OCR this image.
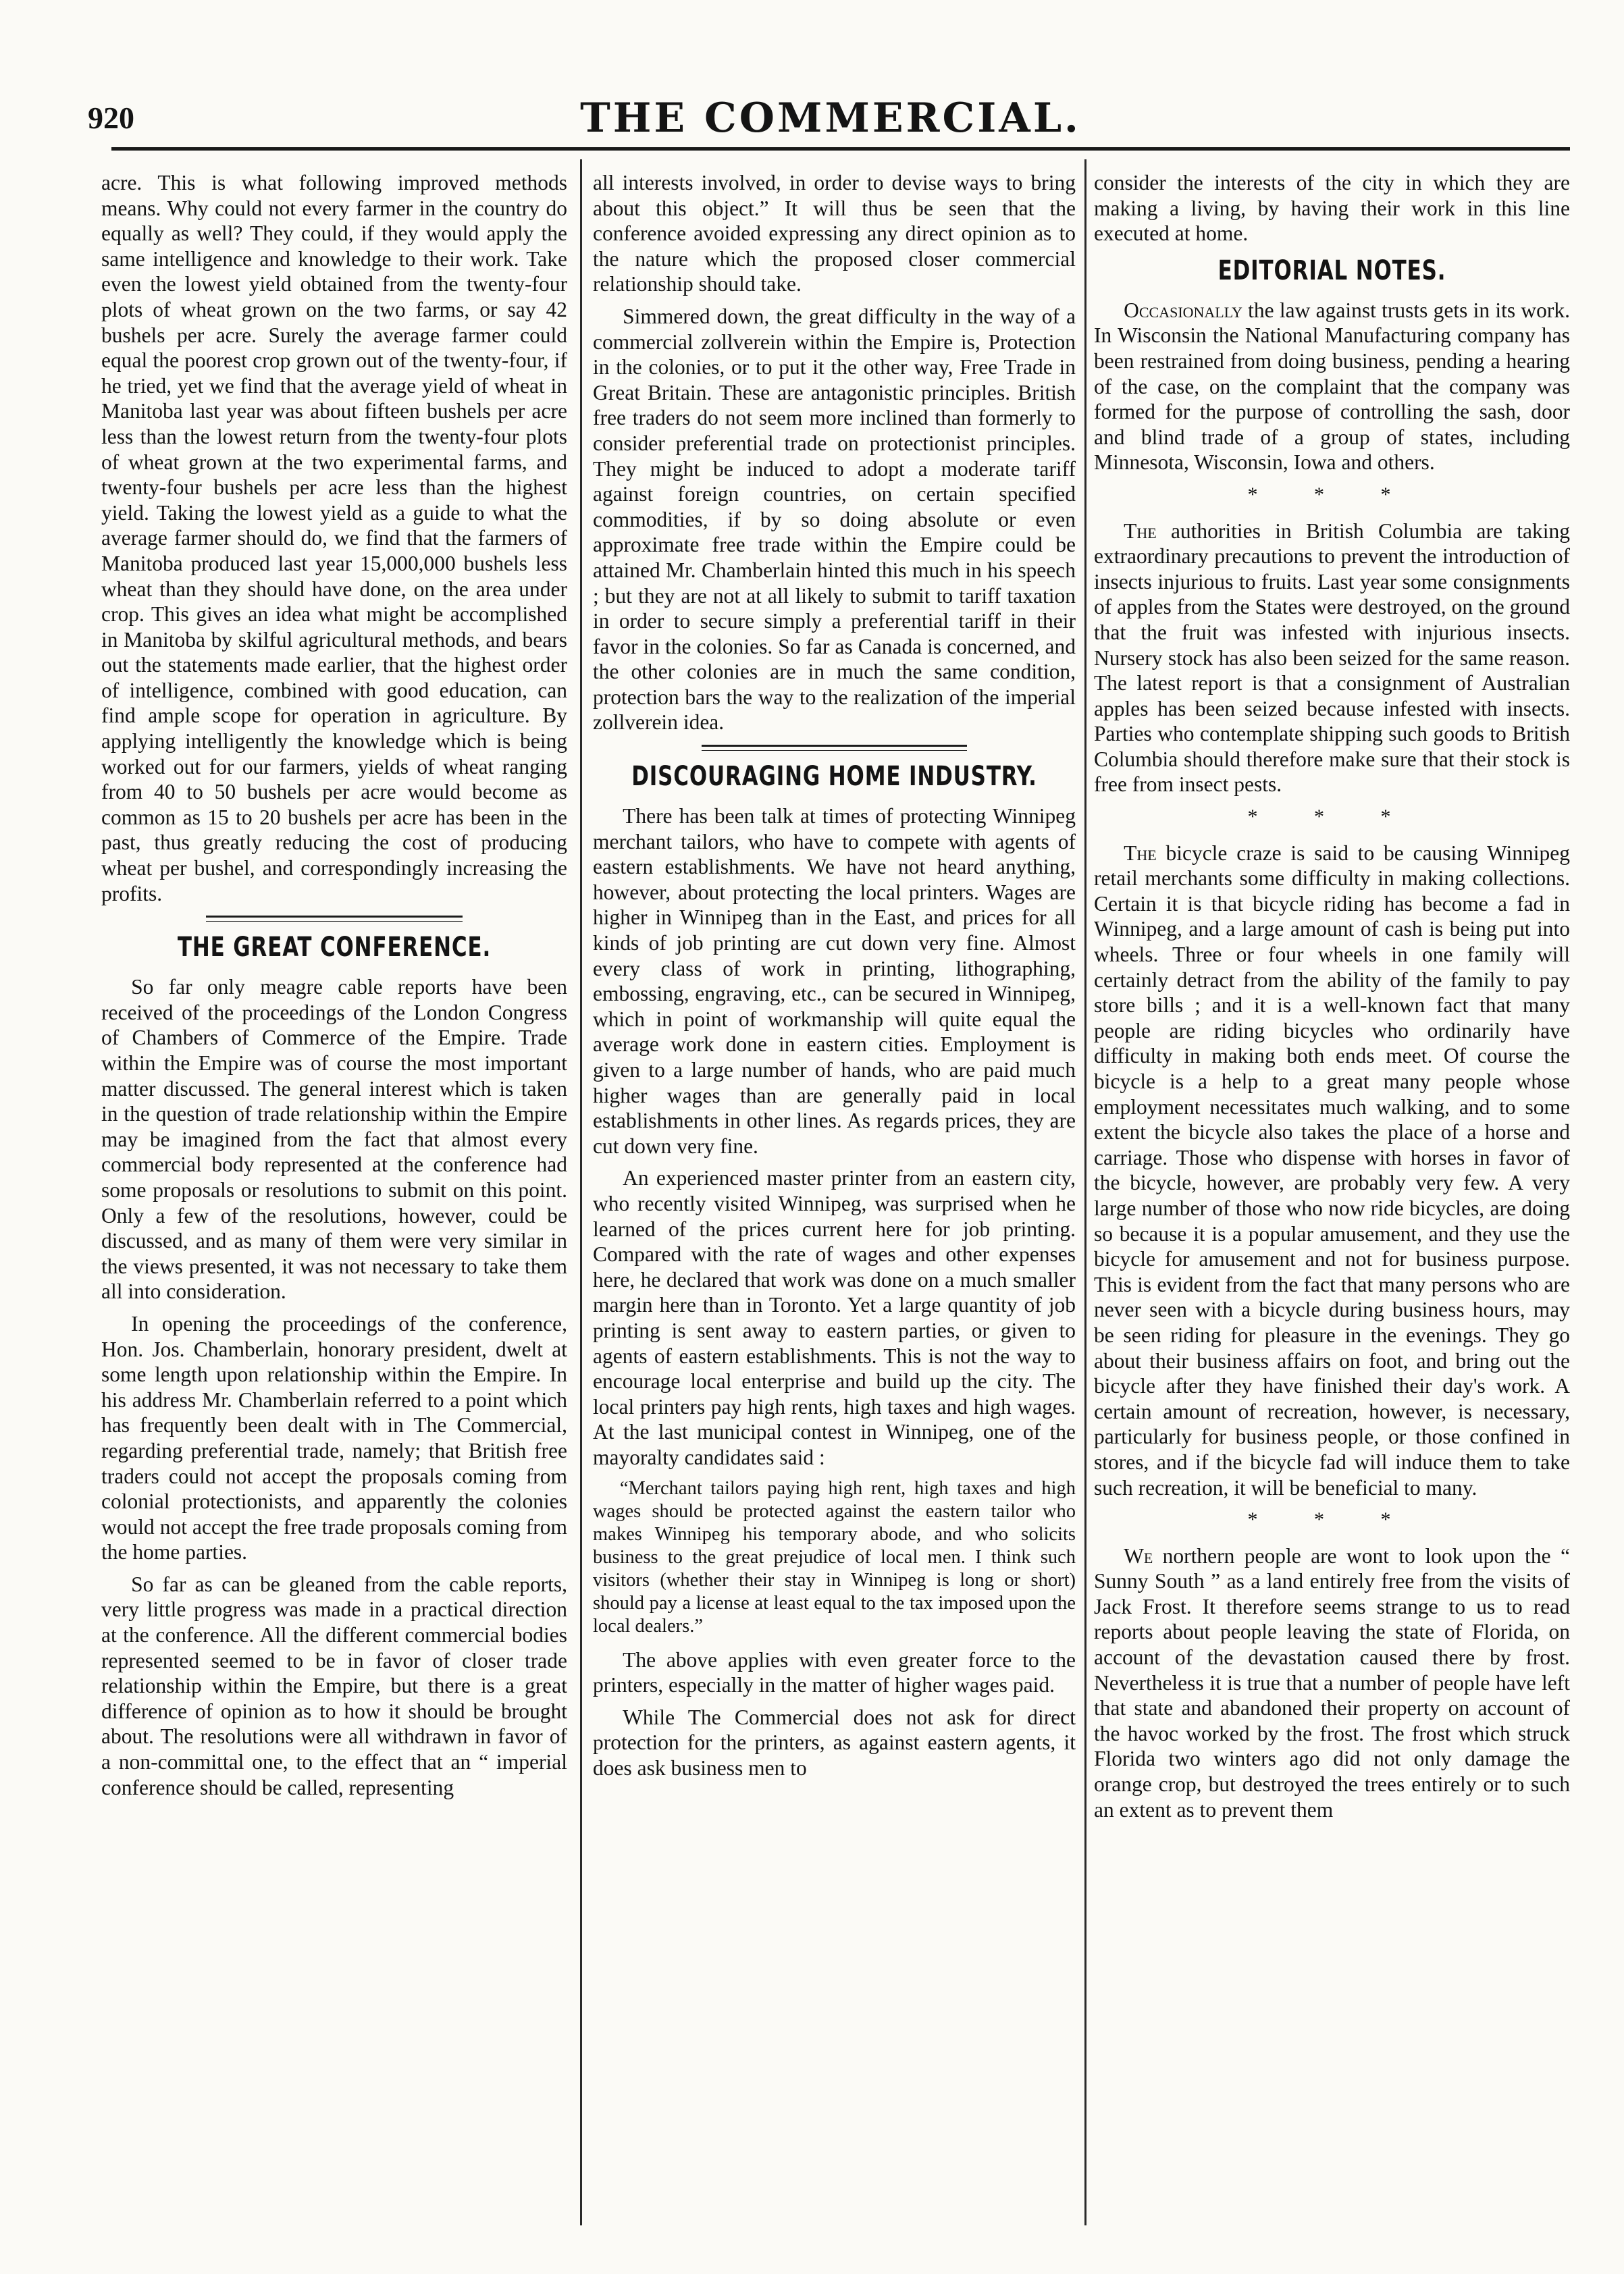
920	THE COMMERCIAL.

acre. This is what following improved methods means. Why could not every farmer in the country do equally as well? They could, if they would apply the same intelligence and knowledge to their work. Take even the lowest yield obtained from the twenty-four plots of wheat grown on the two farms, or say 42 bushels per acre. Surely the average farmer could equal the poorest crop grown out of the twenty-four, if he tried, yet we find that the average yield of wheat in Manitoba last year was about fifteen bushels per acre less than the lowest return from the twenty-four plots of wheat grown at the two experimental farms, and twenty-four bushels per acre less than the highest yield. Taking the lowest yield as a guide to what the average farmer should do, we find that the farmers of Manitoba produced last year 15,000,000 bushels less wheat than they should have done, on the area under crop. This gives an idea what might be accomplished in Manitoba by skilful agricultural methods, and bears out the statements made earlier, that the highest order of intelligence, combined with good education, can find ample scope for operation in agriculture. By applying intelligently the knowledge which is being worked out for our farmers, yields of wheat ranging from 40 to 50 bushels per acre would become as common as 15 to 20 bushels per acre has been in the past, thus greatly reducing the cost of producing wheat per bushel, and correspondingly increasing the profits.

THE GREAT CONFERENCE.

So far only meagre cable reports have been received of the proceedings of the London Congress of Chambers of Commerce of the Empire. Trade within the Empire was of course the most important matter discussed. The general interest which is taken in the question of trade relationship within the Empire may be imagined from the fact that almost every commercial body represented at the conference had some proposals or resolutions to submit on this point. Only a few of the resolutions, however, could be discussed, and as many of them were very similar in the views presented, it was not necessary to take them all into consideration.

In opening the proceedings of the conference, Hon. Jos. Chamberlain, honorary president, dwelt at some length upon relationship within the Empire. In his address Mr. Chamberlain referred to a point which has frequently been dealt with in The Commercial, regarding preferential trade, namely; that British free traders could not accept the proposals coming from colonial protectionists, and apparently the colonies would not accept the free trade proposals coming from the home parties.

So far as can be gleaned from the cable reports, very little progress was made in a practical direction at the conference. All the different commercial bodies represented seemed to be in favor of closer trade relationship within the Empire, but there is a great difference of opinion as to how it should be brought about. The resolutions were all withdrawn in favor of a non-committal one, to the effect that an “ imperial conference should be called, representing

all interests involved, in order to devise ways to bring about this object.” It will thus be seen that the conference avoided expressing any direct opinion as to the nature which the proposed closer commercial relationship should take.

Simmered down, the great difficulty in the way of a commercial zollverein within the Empire is, Protection in the colonies, or to put it the other way, Free Trade in Great Britain. These are antagonistic principles. British free traders do not seem more inclined than formerly to consider preferential trade on protectionist principles. They might be induced to adopt a moderate tariff against foreign countries, on certain specified commodities, if by so doing absolute or even approximate free trade within the Empire could be attained Mr. Chamberlain hinted this much in his speech ; but they are not at all likely to submit to tariff taxation in order to secure simply a preferential tariff in their favor in the colonies. So far as Canada is concerned, and the other colonies are in much the same condition, protection bars the way to the realization of the imperial zollverein idea.

DISCOURAGING HOME INDUSTRY.

There has been talk at times of protecting Winnipeg merchant tailors, who have to compete with agents of eastern establishments. We have not heard anything, however, about protecting the local printers. Wages are higher in Winnipeg than in the East, and prices for all kinds of job printing are cut down very fine. Almost every class of work in printing, lithographing, embossing, engraving, etc., can be secured in Winnipeg, which in point of workmanship will quite equal the average work done in eastern cities. Employment is given to a large number of hands, who are paid much higher wages than are generally paid in local establishments in other lines. As regards prices, they are cut down very fine.

An experienced master printer from an eastern city, who recently visited Winnipeg, was surprised when he learned of the prices current here for job printing. Compared with the rate of wages and other expenses here, he declared that work was done on a much smaller margin here than in Toronto. Yet a large quantity of job printing is sent away to eastern parties, or given to agents of eastern establishments. This is not the way to encourage local enterprise and build up the city. The local printers pay high rents, high taxes and high wages. At the last municipal contest in Winnipeg, one of the mayoralty candidates said :

“Merchant tailors paying high rent, high taxes and high wages should be protected against the eastern tailor who makes Winnipeg his temporary abode, and who solicits business to the great prejudice of local men. I think such visitors (whether their stay in Winnipeg is long or short) should pay a license at least equal to the tax imposed upon the local dealers.”

The above applies with even greater force to the printers, especially in the matter of higher wages paid.

While The Commercial does not ask for direct protection for the printers, as against eastern agents, it does ask business men to

consider the interests of the city in which they are making a living, by having their work in this line executed at home.

EDITORIAL NOTES.

Occasionally the law against trusts gets in its work. In Wisconsin the National Manufacturing company has been restrained from doing business, pending a hearing of the case, on the complaint that the company was formed for the purpose of controlling the sash, door and blind trade of a group of states, including Minnesota, Wisconsin, Iowa and others.

* * *

The authorities in British Columbia are taking extraordinary precautions to prevent the introduction of insects injurious to fruits. Last year some consignments of apples from the States were destroyed, on the ground that the fruit was infested with injurious insects. Nursery stock has also been seized for the same reason. The latest report is that a consignment of Australian apples has been seized because infested with insects. Parties who contemplate shipping such goods to British Columbia should therefore make sure that their stock is free from insect pests.

* * *

The bicycle craze is said to be causing Winnipeg retail merchants some difficulty in making collections. Certain it is that bicycle riding has become a fad in Winnipeg, and a large amount of cash is being put into wheels. Three or four wheels in one family will certainly detract from the ability of the family to pay store bills ; and it is a well-known fact that many people are riding bicycles who ordinarily have difficulty in making both ends meet. Of course the bicycle is a help to a great many people whose employment necessitates much walking, and to some extent the bicycle also takes the place of a horse and carriage. Those who dispense with horses in favor of the bicycle, however, are probably very few. A very large number of those who now ride bicycles, are doing so because it is a popular amusement, and they use the bicycle for amusement and not for business purpose. This is evident from the fact that many persons who are never seen with a bicycle during business hours, may be seen riding for pleasure in the evenings. They go about their business affairs on foot, and bring out the bicycle after they have finished their day's work. A certain amount of recreation, however, is necessary, particularly for business people, or those confined in stores, and if the bicycle fad will induce them to take such recreation, it will be beneficial to many.

* * *

We northern people are wont to look upon the “ Sunny South ” as a land entirely free from the visits of Jack Frost. It therefore seems strange to us to read reports about people leaving the state of Florida, on account of the devastation caused there by frost. Nevertheless it is true that a number of people have left that state and abandoned their property on account of the havoc worked by the frost. The frost which struck Florida two winters ago did not only damage the orange crop, but destroyed the trees entirely or to such an extent as to prevent them
